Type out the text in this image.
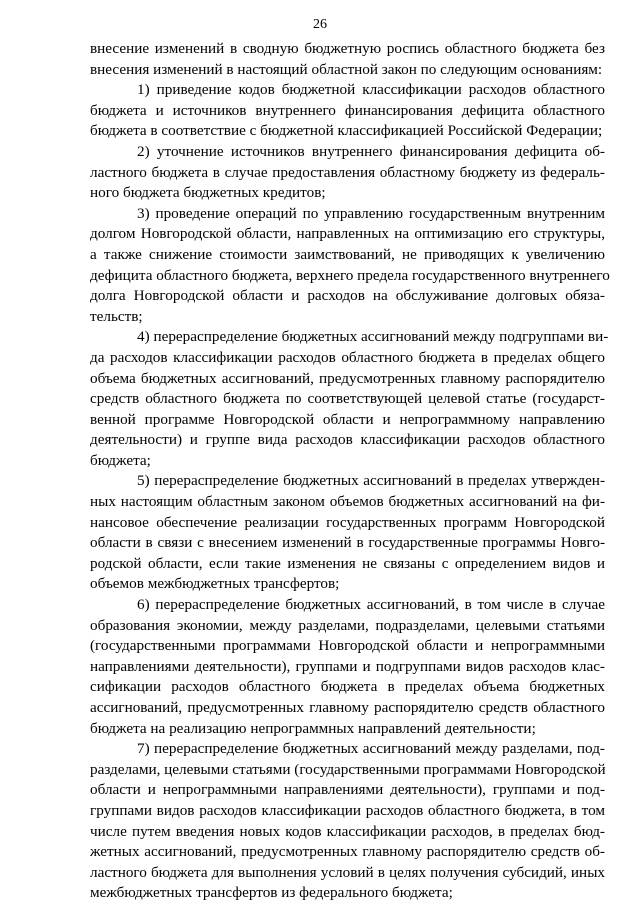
26
внесение изменений в сводную бюджетную роспись областного бюджета без
внесения изменений в настоящий областной закон по следующим основаниям:
1) приведение кодов бюджетной классификации расходов областного
бюджета и источников внутреннего финансирования дефицита областного
бюджета в соответствие с бюджетной классификацией Российской Федерации;
2) уточнение источников внутреннего финансирования дефицита об-
ластного бюджета в случае предоставления областному бюджету из федераль-
ного бюджета бюджетных кредитов;
3) проведение операций по управлению государственным внутренним
долгом Новгородской области, направленных на оптимизацию его структуры,
а также снижение стоимости заимствований, не приводящих к увеличению
дефицита областного бюджета, верхнего предела государственного внутреннего
долга Новгородской области и расходов на обслуживание долговых обяза-
тельств;
4) перераспределение бюджетных ассигнований между подгруппами ви-
да расходов классификации расходов областного бюджета в пределах общего
объема бюджетных ассигнований, предусмотренных главному распорядителю
средств областного бюджета по соответствующей целевой статье (государст-
венной программе Новгородской области и непрограммному направлению
деятельности) и группе вида расходов классификации расходов областного
бюджета;
5) перераспределение бюджетных ассигнований в пределах утвержден-
ных настоящим областным законом объемов бюджетных ассигнований на фи-
нансовое обеспечение реализации государственных программ Новгородской
области в связи с внесением изменений в государственные программы Новго-
родской области, если такие изменения не связаны с определением видов и
объемов межбюджетных трансфертов;
6) перераспределение бюджетных ассигнований, в том числе в случае
образования экономии, между разделами, подразделами, целевыми статьями
(государственными программами Новгородской области и непрограммными
направлениями деятельности), группами и подгруппами видов расходов клас-
сификации расходов областного бюджета в пределах объема бюджетных
ассигнований, предусмотренных главному распорядителю средств областного
бюджета на реализацию непрограммных направлений деятельности;
7) перераспределение бюджетных ассигнований между разделами, под-
разделами, целевыми статьями (государственными программами Новгородской
области и непрограммными направлениями деятельности), группами и под-
группами видов расходов классификации расходов областного бюджета, в том
числе путем введения новых кодов классификации расходов, в пределах бюд-
жетных ассигнований, предусмотренных главному распорядителю средств об-
ластного бюджета для выполнения условий в целях получения субсидий, иных
межбюджетных трансфертов из федерального бюджета;
